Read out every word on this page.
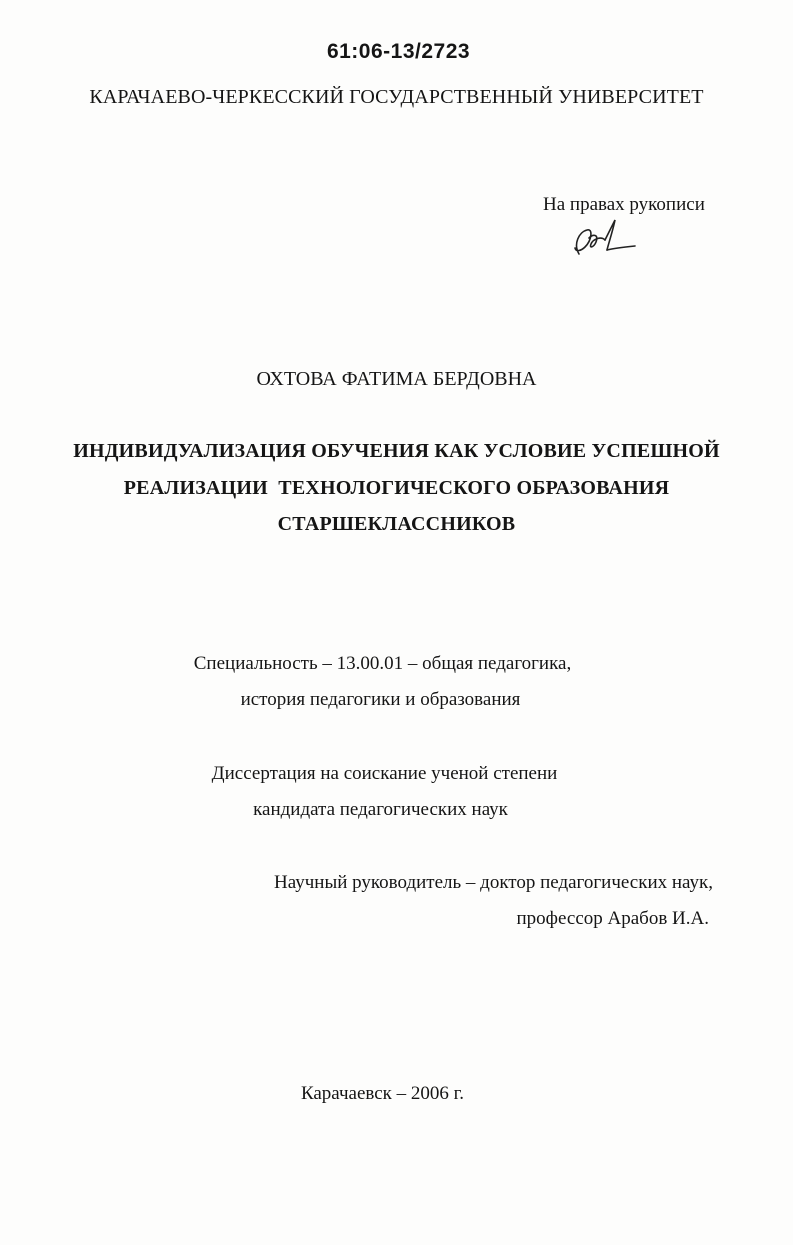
61:06-13/2723
КАРАЧАЕВО-ЧЕРКЕССКИЙ ГОСУДАРСТВЕННЫЙ УНИВЕРСИТЕТ
На правах рукописи
ОХТОВА ФАТИМА БЕРДОВНА
ИНДИВИДУАЛИЗАЦИЯ ОБУЧЕНИЯ КАК УСЛОВИЕ УСПЕШНОЙ
РЕАЛИЗАЦИИ  ТЕХНОЛОГИЧЕСКОГО ОБРАЗОВАНИЯ
СТАРШЕКЛАССНИКОВ
Специальность – 13.00.01 – общая педагогика,
история педагогики и образования
Диссертация на соискание ученой степени
кандидата педагогических наук
Научный руководитель – доктор педагогических наук,
профессор Арабов И.А.
Карачаевск – 2006 г.
